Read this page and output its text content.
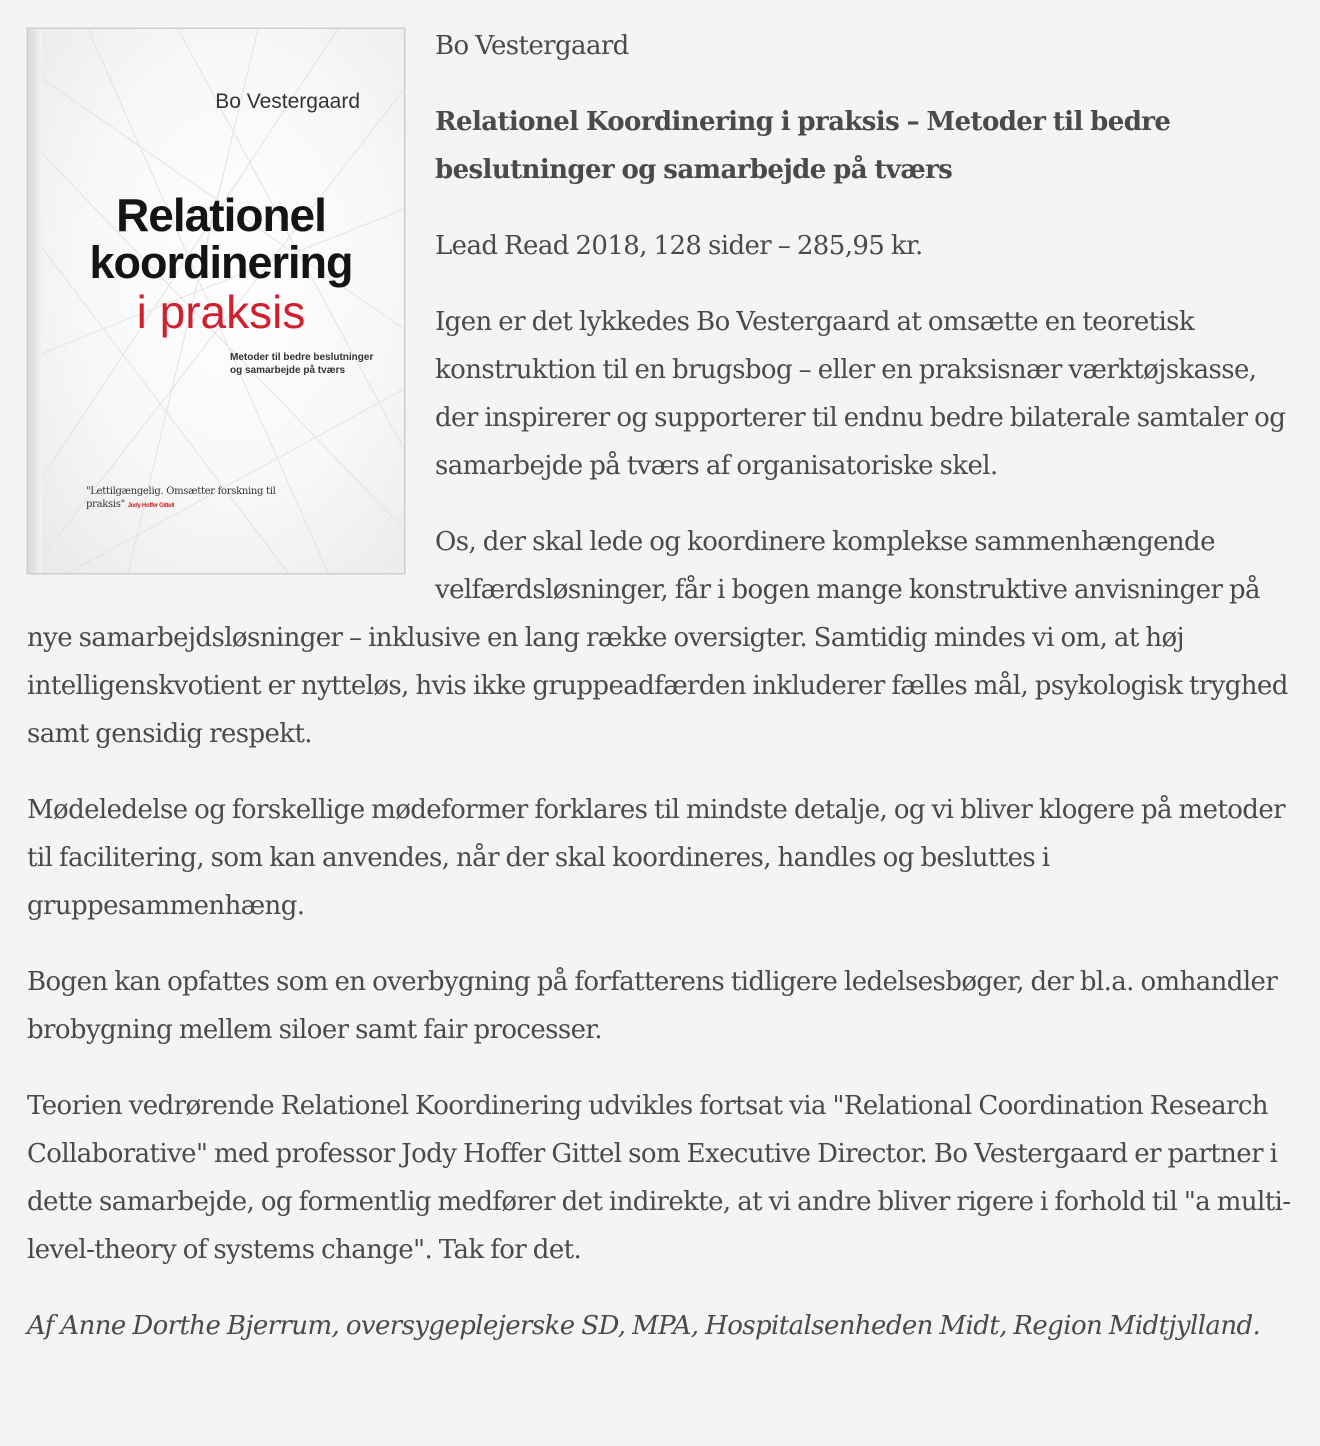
Bo Vestergaard
Relationel
koordinering
i praksis
Metoder til bedre beslutninger
og samarbejde på tværs
"Lettilgængelig. Omsætter forskning til praksis" Jody Hoffer Gittell

Bo Vestergaard

Relationel Koordinering i praksis – Metoder til bedre beslutninger og samarbejde på tværs

Lead Read 2018, 128 sider – 285,95 kr.

Igen er det lykkedes Bo Vestergaard at omsætte en teoretisk konstruktion til en brugsbog – eller en praksisnær værktøjskasse, der inspirerer og supporterer til endnu bedre bilaterale samtaler og samarbejde på tværs af organisatoriske skel.

Os, der skal lede og koordinere komplekse sammenhængende velfærdsløsninger, får i bogen mange konstruktive anvisninger på nye samarbejdsløsninger – inklusive en lang række oversigter. Samtidig mindes vi om, at høj intelligenskvotient er nytteløs, hvis ikke gruppeadfærden inkluderer fælles mål, psykologisk tryghed samt gensidig respekt.

Mødeledelse og forskellige mødeformer forklares til mindste detalje, og vi bliver klogere på metoder til facilitering, som kan anvendes, når der skal koordineres, handles og besluttes i gruppesammenhæng.

Bogen kan opfattes som en overbygning på forfatterens tidligere ledelsesbøger, der bl.a. omhandler brobygning mellem siloer samt fair processer.

Teorien vedrørende Relationel Koordinering udvikles fortsat via "Relational Coordination Research Collaborative" med professor Jody Hoffer Gittel som Executive Director. Bo Vestergaard er partner i dette samarbejde, og formentlig medfører det indirekte, at vi andre bliver rigere i forhold til "a multi-level-theory of systems change". Tak for det.

Af Anne Dorthe Bjerrum, oversygeplejerske SD, MPA, Hospitalsenheden Midt, Region Midtjylland.
